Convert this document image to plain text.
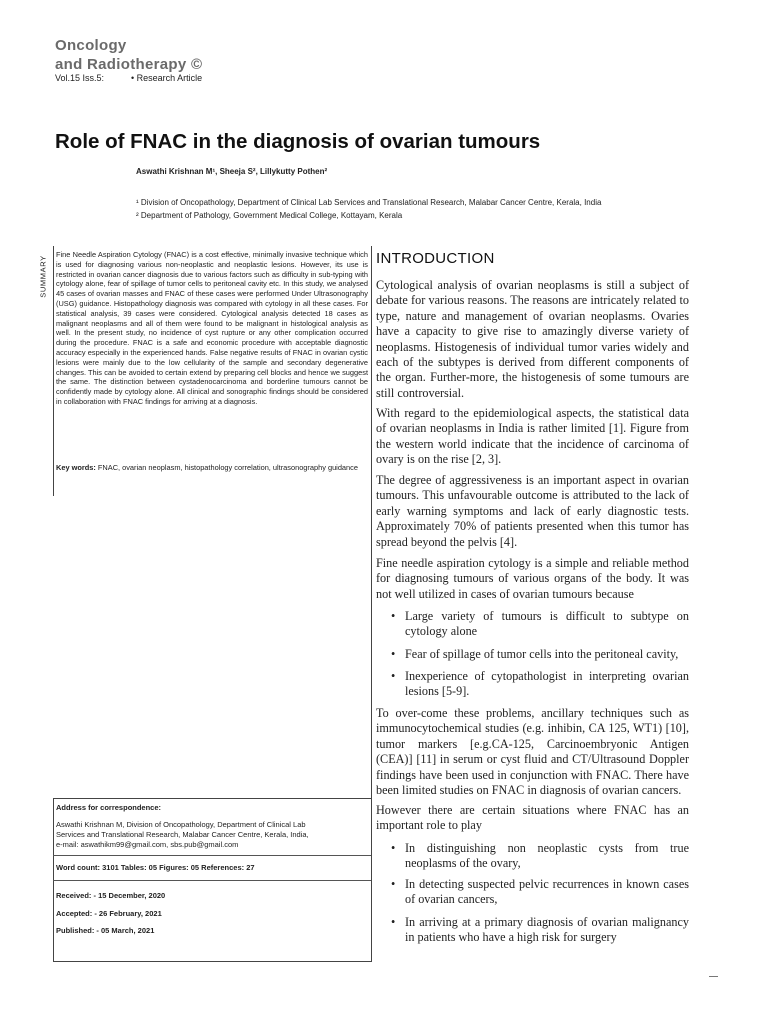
Oncology
and Radiotherapy ©
Vol.15 Iss.5:	• Research Article
Role of FNAC in the diagnosis of ovarian tumours
Aswathi Krishnan M¹, Sheeja S², Lillykutty Pothen²
¹ Division of Oncopathology, Department of Clinical Lab Services and Translational Research, Malabar Cancer Centre, Kerala, India
² Department of Pathology, Government Medical College, Kottayam, Kerala
SUMMARY
Fine Needle Aspiration Cytology (FNAC) is a cost effective, minimally invasive technique which is used for diagnosing various non-neoplastic and neoplastic lesions. However, its use is restricted in ovarian cancer diagnosis due to various factors such as difficulty in sub-typing with cytology alone, fear of spillage of tumor cells to peritoneal cavity etc. In this study, we analysed 45 cases of ovarian masses and FNAC of these cases were performed Under Ultrasonography (USG) guidance. Histopathology diagnosis was compared with cytology in all these cases. For statistical analysis, 39 cases were considered. Cytological analysis detected 18 cases as malignant neoplasms and all of them were found to be malignant in histological analysis as well. In the present study, no incidence of cyst rupture or any other complication occurred during the procedure. FNAC is a safe and economic procedure with acceptable diagnostic accuracy especially in the experienced hands. False negative results of FNAC in ovarian cystic lesions were mainly due to the low cellularity of the sample and secondary degenerative changes. This can be avoided to certain extend by preparing cell blocks and hence we suggest the same. The distinction between cystadenocarcinoma and borderline tumours cannot be confidently made by cytology alone. All clinical and sonographic findings should be considered in collaboration with FNAC findings for arriving at a diagnosis.
Key words: FNAC, ovarian neoplasm, histopathology correlation, ultrasonography guidance
Address for correspondence:
Aswathi Krishnan M, Division of Oncopathology, Department of Clinical Lab
Services and Translational Research, Malabar Cancer Centre, Kerala, India,
e-mail: aswathikm99@gmail.com, sbs.pub@gmail.com
Word count: 3101 Tables: 05 Figures: 05 References: 27
Received: - 15 December, 2020
Accepted: - 26 February, 2021
Published: - 05 March, 2021
INTRODUCTION

Cytological analysis of ovarian neoplasms is still a subject of debate for various reasons. The reasons are intricately related to type, nature and management of ovarian neoplasms. Ovaries have a capacity to give rise to amazingly diverse variety of neoplasms. Histogenesis of individual tumor varies widely and each of the subtypes is derived from different components of the organ. Further-more, the histogenesis of some tumours are still controversial.

With regard to the epidemiological aspects, the statistical data of ovarian neoplasms in India is rather limited [1]. Figure from the western world indicate that the incidence of carcinoma of ovary is on the rise [2, 3].

The degree of aggressiveness is an important aspect in ovarian tumours. This unfavourable outcome is attributed to the lack of early warning symptoms and lack of early diagnostic tests. Approximately 70% of patients presented when this tumor has spread beyond the pelvis [4].

Fine needle aspiration cytology is a simple and reliable method for diagnosing tumours of various organs of the body. It was not well utilized in cases of ovarian tumours because

• Large variety of tumours is difficult to subtype on cytology alone
• Fear of spillage of tumor cells into the peritoneal cavity,
• Inexperience of cytopathologist in interpreting ovarian lesions [5-9].

To over-come these problems, ancillary techniques such as immunocytochemical studies (e.g. inhibin, CA 125, WT1) [10], tumor markers [e.g.CA-125, Carcinoembryonic Antigen (CEA)] [11] in serum or cyst fluid and CT/Ultrasound Doppler findings have been used in conjunction with FNAC. There have been limited studies on FNAC in diagnosis of ovarian cancers.

However there are certain situations where FNAC has an important role to play

• In distinguishing non neoplastic cysts from true neoplasms of the ovary,
• In detecting suspected pelvic recurrences in known cases of ovarian cancers,
• In arriving at a primary diagnosis of ovarian malignancy in patients who have a high risk for surgery
